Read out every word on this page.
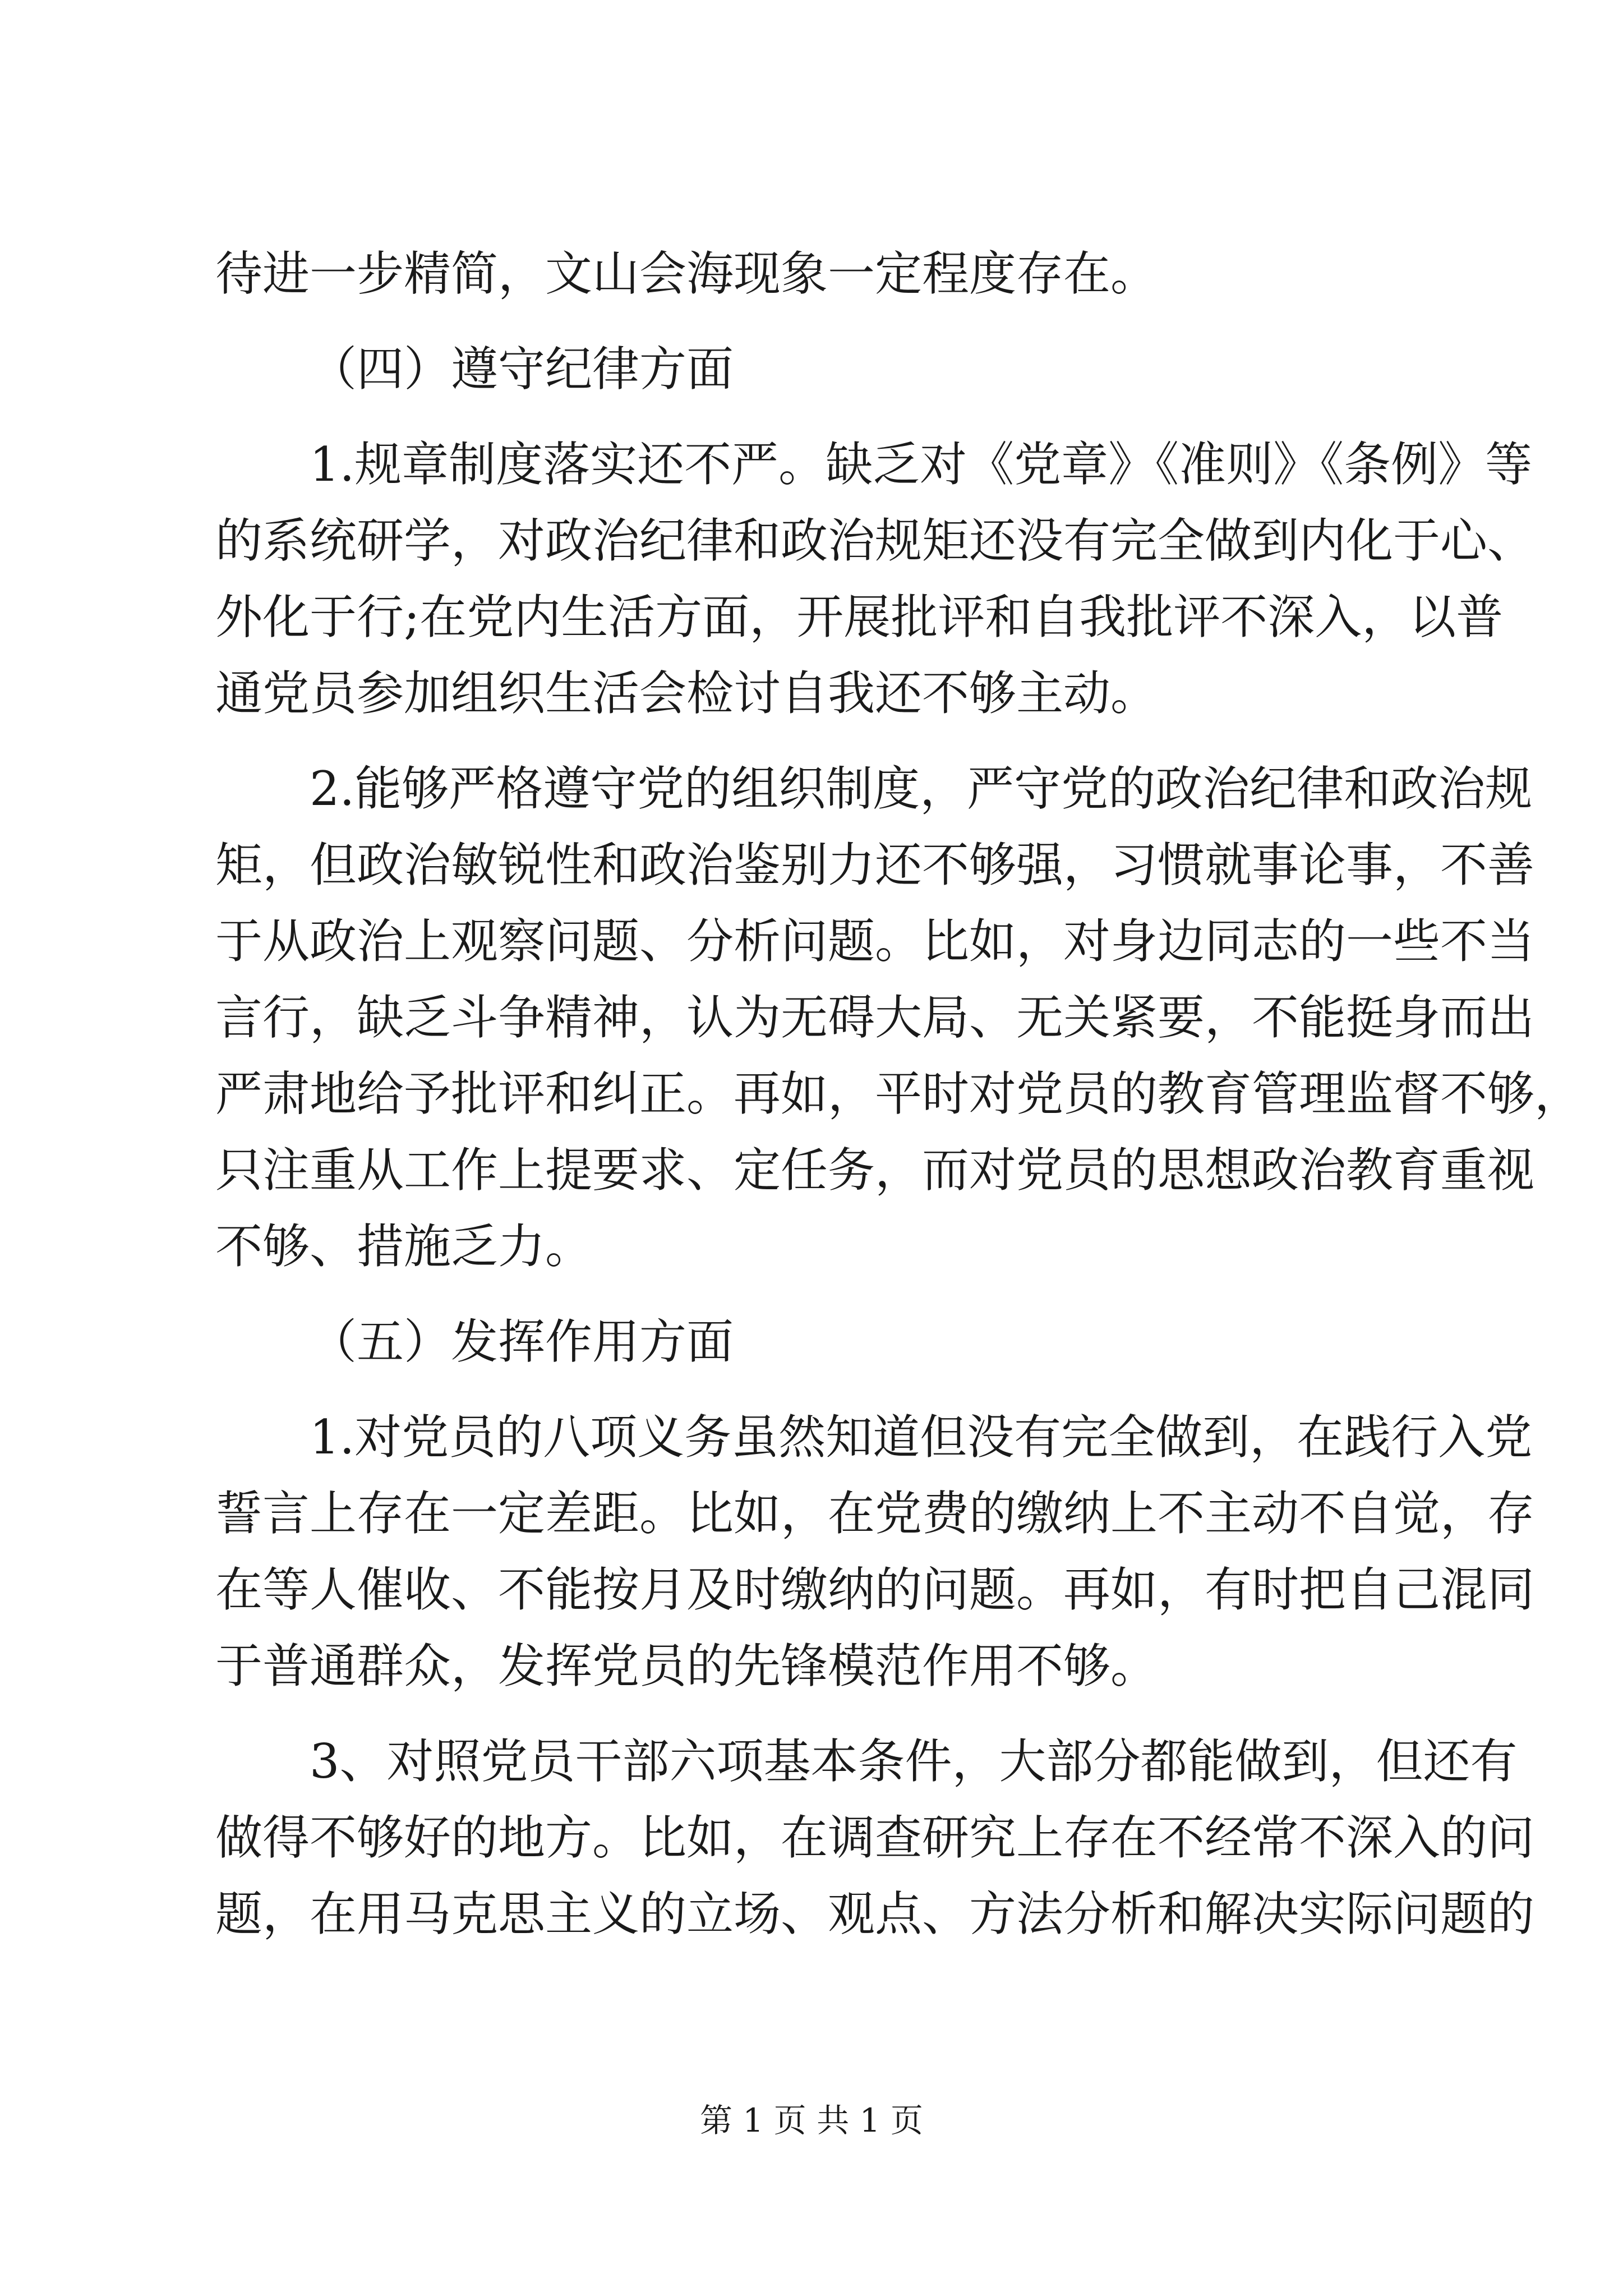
待进一步精简，文山会海现象一定程度存在。
（四）遵守纪律方面
1.规章制度落实还不严。缺乏对《党章》《准则》《条例》等
的系统研学，对政治纪律和政治规矩还没有完全做到内化于心、
外化于行;在党内生活方面，开展批评和自我批评不深入，以普
通党员参加组织生活会检讨自我还不够主动。
2.能够严格遵守党的组织制度，严守党的政治纪律和政治规
矩，但政治敏锐性和政治鉴别力还不够强，习惯就事论事，不善
于从政治上观察问题、分析问题。比如，对身边同志的一些不当
言行，缺乏斗争精神，认为无碍大局、无关紧要，不能挺身而出
严肃地给予批评和纠正。再如，平时对党员的教育管理监督不够，
只注重从工作上提要求、定任务，而对党员的思想政治教育重视
不够、措施乏力。
（五）发挥作用方面
1.对党员的八项义务虽然知道但没有完全做到，在践行入党
誓言上存在一定差距。比如，在党费的缴纳上不主动不自觉，存
在等人催收、不能按月及时缴纳的问题。再如，有时把自己混同
于普通群众，发挥党员的先锋模范作用不够。
3、对照党员干部六项基本条件，大部分都能做到，但还有
做得不够好的地方。比如，在调查研究上存在不经常不深入的问
题，在用马克思主义的立场、观点、方法分析和解决实际问题的
第 1 页 共 1 页
